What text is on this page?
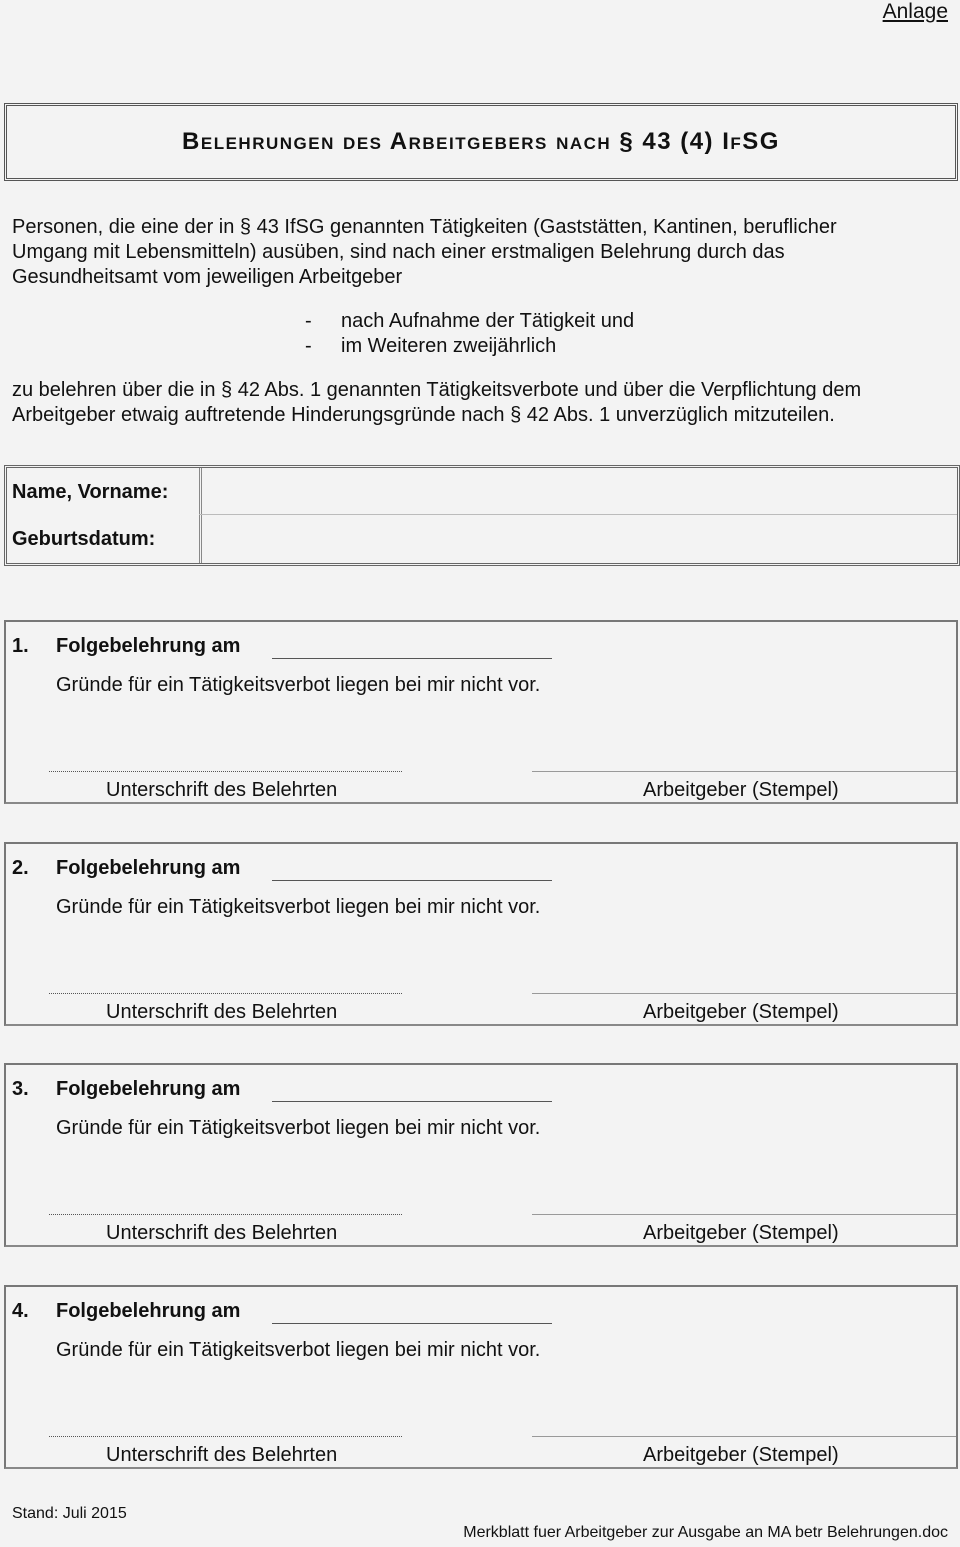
Anlage
Belehrungen des Arbeitgebers nach § 43 (4) IfSG
Personen, die eine der in § 43 IfSG genannten Tätigkeiten (Gaststätten, Kantinen, beruflicher
Umgang mit Lebensmitteln) ausüben, sind nach einer erstmaligen Belehrung durch das
Gesundheitsamt vom jeweiligen Arbeitgeber
- nach Aufnahme der Tätigkeit und
- im Weiteren zweijährlich
zu belehren über die in § 42 Abs. 1 genannten Tätigkeitsverbote und über die Verpflichtung dem
Arbeitgeber etwaig auftretende Hinderungsgründe nach § 42 Abs. 1 unverzüglich mitzuteilen.
Name, Vorname:
Geburtsdatum:
1. Folgebelehrung am
Gründe für ein Tätigkeitsverbot liegen bei mir nicht vor.
Unterschrift des Belehrten	Arbeitgeber (Stempel)
2. Folgebelehrung am
Gründe für ein Tätigkeitsverbot liegen bei mir nicht vor.
Unterschrift des Belehrten	Arbeitgeber (Stempel)
3. Folgebelehrung am
Gründe für ein Tätigkeitsverbot liegen bei mir nicht vor.
Unterschrift des Belehrten	Arbeitgeber (Stempel)
4. Folgebelehrung am
Gründe für ein Tätigkeitsverbot liegen bei mir nicht vor.
Unterschrift des Belehrten	Arbeitgeber (Stempel)
Stand: Juli 2015
Merkblatt fuer Arbeitgeber zur Ausgabe an MA betr Belehrungen.doc
